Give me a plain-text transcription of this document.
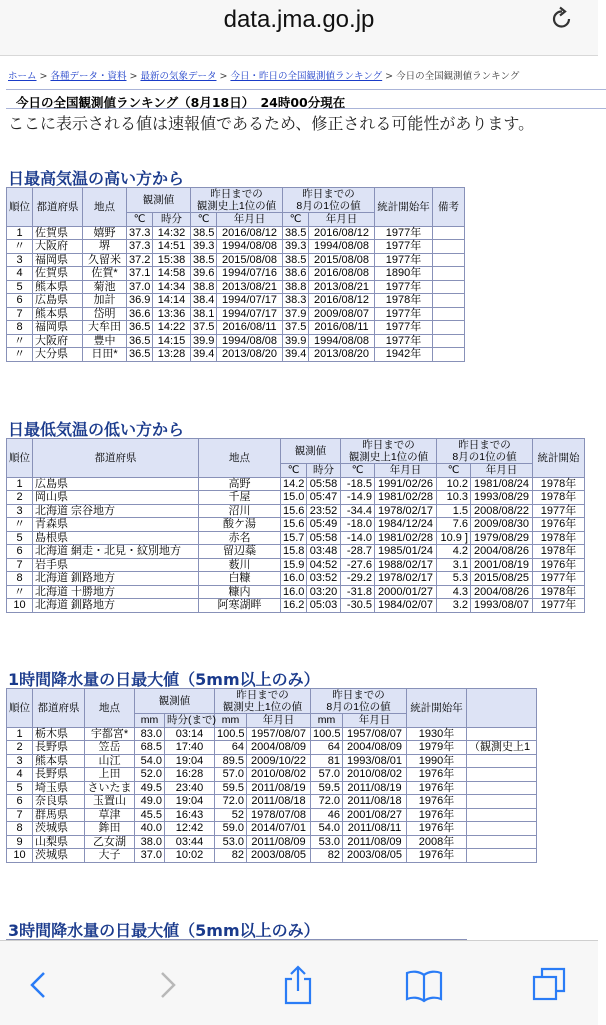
data.jma.go.jp
ホーム > 各種データ・資料 > 最新の気象データ > 今日・昨日の全国観測値ランキング > 今日の全国観測値ランキング
今日の全国観測値ランキング（8月18日）　24時00分現在
ここに表示される値は速報値であるため、修正される可能性があります。
日最高気温の高い方から
順位	都道府県	地点	観測値		昨日までの
観測史上1位の値		昨日までの
8月の1位の値		統計開始年	備考
			℃	時分	℃	年月日	℃	年月日		
1	佐賀県	嬉野	37.3	14:32	38.5	2016/08/12	38.5	2016/08/12	1977年	
〃	大阪府	堺	37.3	14:51	39.3	1994/08/08	39.3	1994/08/08	1977年	
3	福岡県	久留米	37.2	15:38	38.5	2015/08/08	38.5	2015/08/08	1977年	
4	佐賀県	佐賀*	37.1	14:58	39.6	1994/07/16	38.6	2016/08/08	1890年	
5	熊本県	菊池	37.0	14:34	38.8	2013/08/21	38.8	2013/08/21	1977年	
6	広島県	加計	36.9	14:14	38.4	1994/07/17	38.3	2016/08/12	1978年	
7	熊本県	岱明	36.6	13:36	38.1	1994/07/17	37.9	2009/08/07	1977年	
8	福岡県	大牟田	36.5	14:22	37.5	2016/08/11	37.5	2016/08/11	1977年	
〃	大阪府	豊中	36.5	14:15	39.9	1994/08/08	39.9	1994/08/08	1977年	
〃	大分県	日田*	36.5	13:28	39.4	2013/08/20	39.4	2013/08/20	1942年	
日最低気温の低い方から
順位	都道府県	地点	観測値		昨日までの
観測史上1位の値		昨日までの
8月の1位の値		統計開始
			℃	時分	℃	年月日	℃	年月日	
1	広島県	高野	14.2	05:58	-18.5	1991/02/26	10.2	1981/08/24	1978年
2	岡山県	千屋	15.0	05:47	-14.9	1981/02/28	10.3	1993/08/29	1978年
3	北海道 宗谷地方	沼川	15.6	23:52	-34.4	1978/02/17	1.5	2008/08/22	1977年
〃	青森県	酸ケ湯	15.6	05:49	-18.0	1984/12/24	7.6	2009/08/30	1976年
5	島根県	赤名	15.7	05:58	-14.0	1981/02/28	10.9 ]	1979/08/29	1978年
6	北海道 網走・北見・紋別地方	留辺蘂	15.8	03:48	-28.7	1985/01/24	4.2	2004/08/26	1978年
7	岩手県	薮川	15.9	04:52	-27.6	1988/02/17	3.1	2001/08/19	1976年
8	北海道 釧路地方	白糠	16.0	03:52	-29.2	1978/02/17	5.3	2015/08/25	1977年
〃	北海道 十勝地方	糠内	16.0	03:20	-31.8	2000/01/27	4.3	2004/08/26	1978年
10	北海道 釧路地方	阿寒湖畔	16.2	05:03	-30.5	1984/02/07	3.2	1993/08/07	1977年
1時間降水量の日最大値（5mm以上のみ）
順位	都道府県	地点	観測値		昨日までの
観測史上1位の値		昨日までの
8月の1位の値		統計開始年	
			mm	時分(まで)	mm	年月日	mm	年月日		
1	栃木県	宇都宮*	83.0	03:14	100.5	1957/08/07	100.5	1957/08/07	1930年	
2	長野県	笠岳	68.5	17:40	64	2004/08/09	64	2004/08/09	1979年	（観測史上1
3	熊本県	山江	54.0	19:04	89.5	2009/10/22	81	1993/08/01	1990年	
4	長野県	上田	52.0	16:28	57.0	2010/08/02	57.0	2010/08/02	1976年	
5	埼玉県	さいたま	49.5	23:40	59.5	2011/08/19	59.5	2011/08/19	1976年	
6	奈良県	玉置山	49.0	19:04	72.0	2011/08/18	72.0	2011/08/18	1976年	
7	群馬県	草津	45.5	16:43	52	1978/07/08	46	2001/08/27	1976年	
8	茨城県	鉾田	40.0	12:42	59.0	2014/07/01	54.0	2011/08/11	1976年	
9	山梨県	乙女湖	38.0	03:44	53.0	2011/08/09	53.0	2011/08/09	2008年	
10	茨城県	大子	37.0	10:02	82	2003/08/05	82	2003/08/05	1976年	
3時間降水量の日最大値（5mm以上のみ）
